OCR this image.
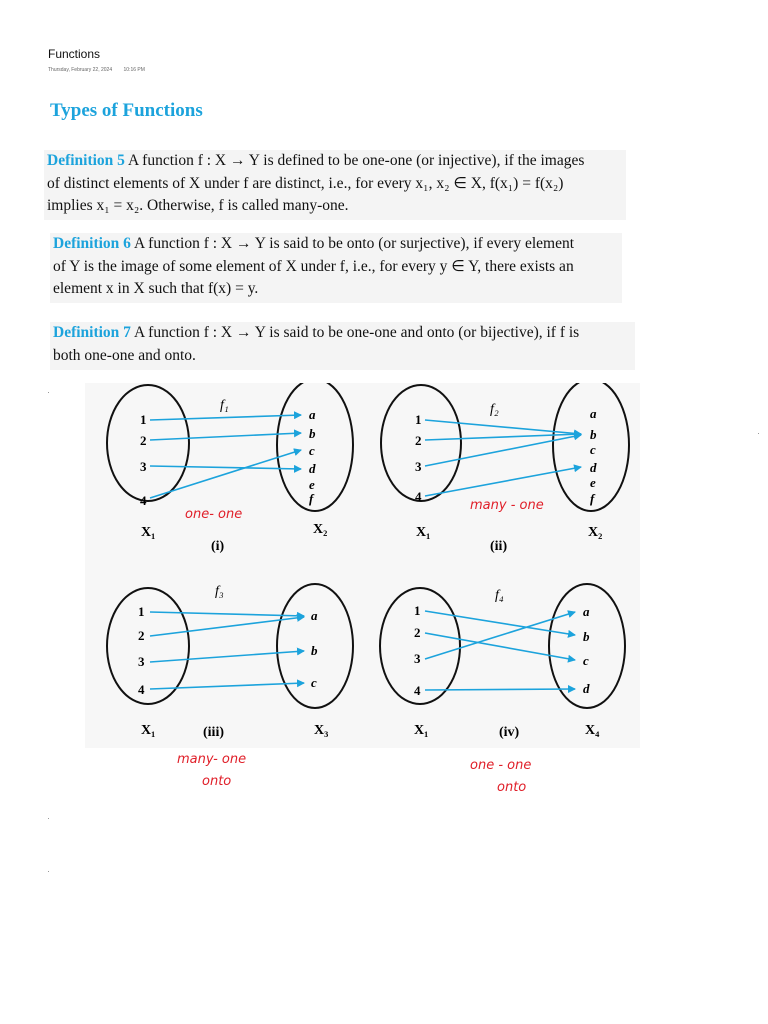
Functions
Thursday, February 22, 2024 10:16 PM
Types of Functions

Definition 5 A function f : X → Y is defined to be one-one (or injective), if the images

of distinct elements of X under f are distinct, i.e., for every x₁, x₂ ∈ X, f(x₁) = f(x₂)

implies x₁ = x₂. Otherwise, f is called many-one.

Definition 6 A function f : X → Y is said to be onto (or surjective), if every element

of Y is the image of some element of X under f, i.e., for every y ∈ Y, there exists an

element x in X such that f(x) = y.

Definition 7 A function f : X → Y is said to be one-one and onto (or bijective), if f is

both one-one and onto.

f₁
1
2
3
4
a
b
c
d
e
f
X₁	X₂
(i)
one- one
f₂
1
2
3
4
a
b
c
d
e
f
X₁	X₂
(ii)
many - one
f₃
1
2
3
4
a
b
c
X₁	X₃
(iii)
many- one
onto
f₄
1
2
3
4
a
b
c
d
X₁	X₄
(iv)
one - one
onto
